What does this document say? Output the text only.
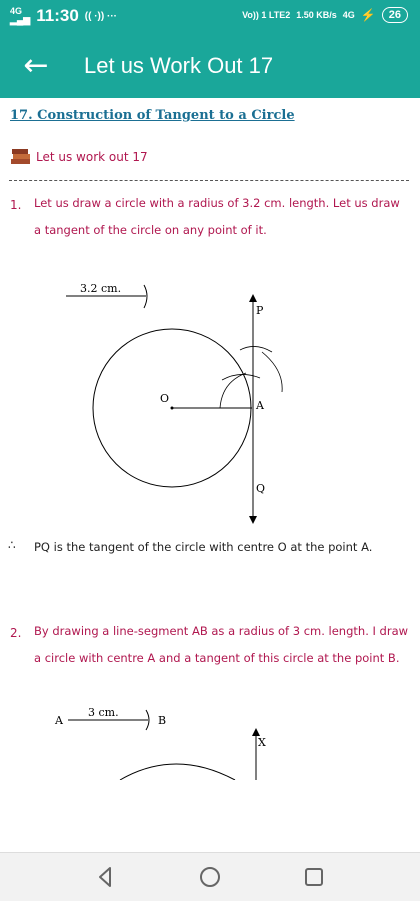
4G
▂▄▆ 11:30 (( ·)) ···	Vo)) 1 LTE2 1.50 KB/s 4G ⚡	26
←	Let us Work Out 17
17. Construction of Tangent to a Circle
Let us work out 17
1. Let us draw a circle with a radius of 3.2 cm. length. Let us draw a tangent of the circle on any point of it.
3.2 cm.
P
O
A
Q
∴ PQ is the tangent of the circle with centre O at the point A.
2. By drawing a line-segment AB as a radius of 3 cm. length. I draw a circle with centre A and a tangent of this circle at the point B.
A
3 cm.
B
X
